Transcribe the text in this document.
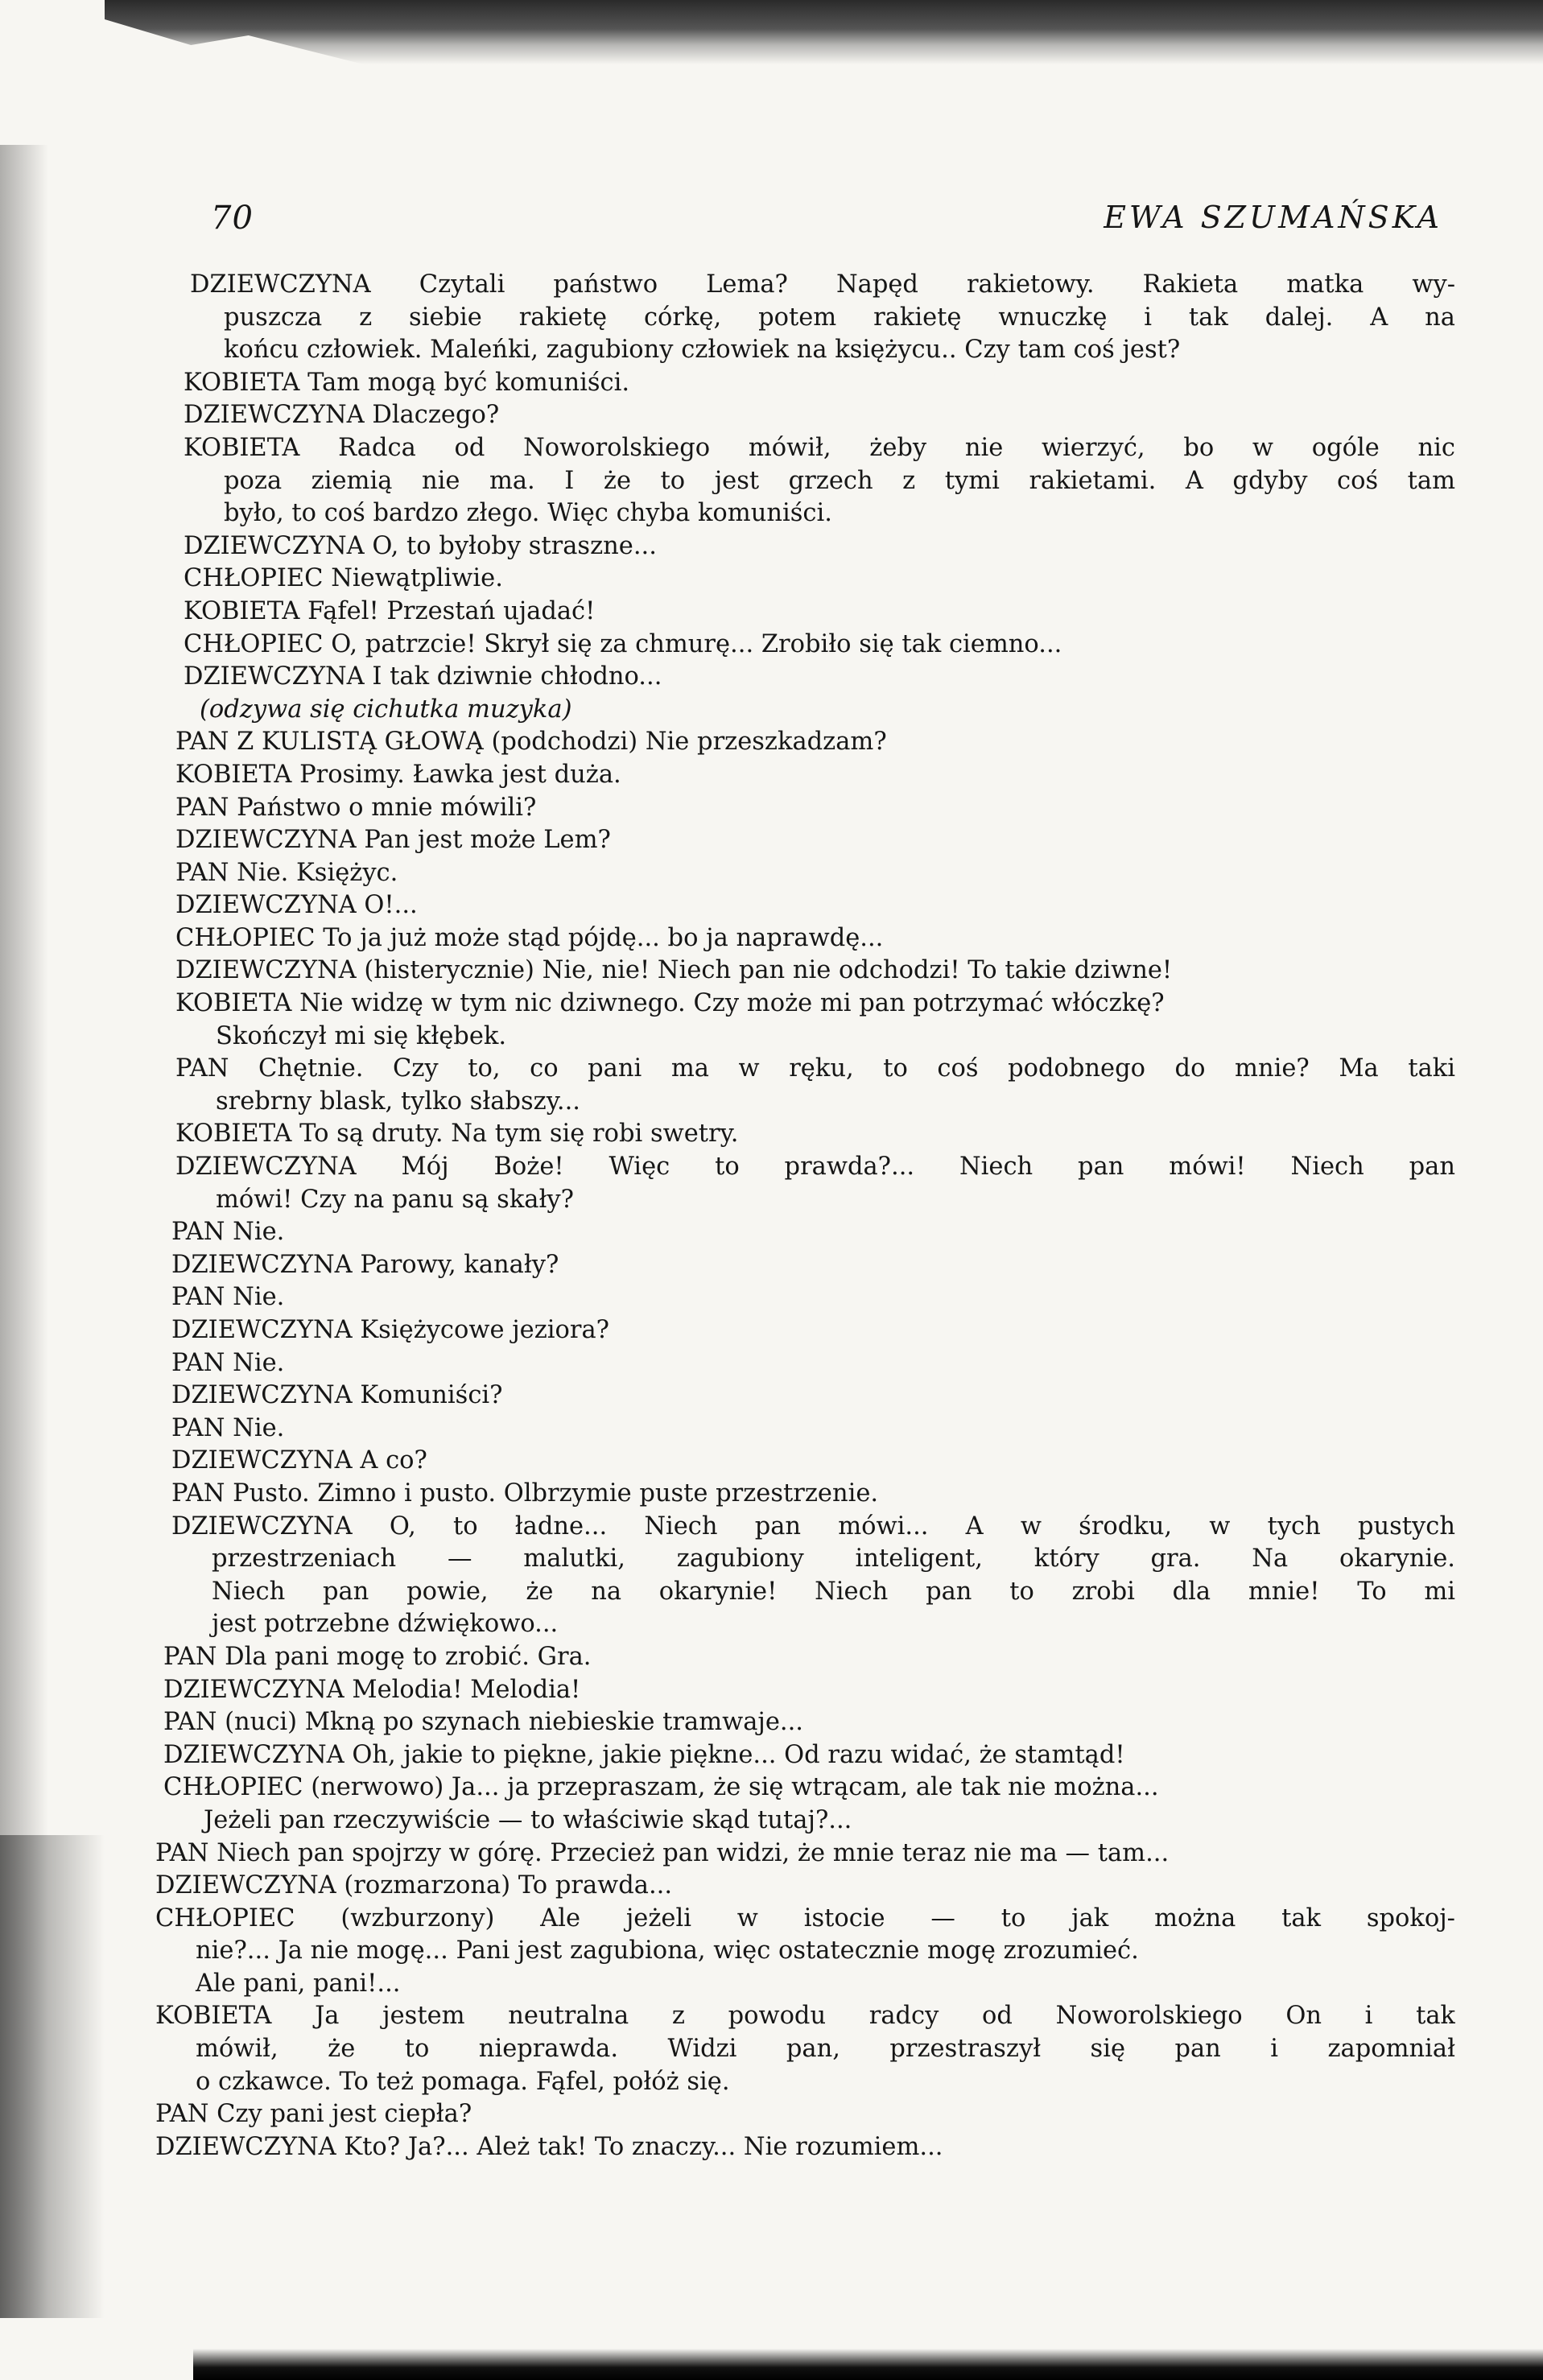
70	EWA SZUMAŃSKA
DZIEWCZYNA Czytali państwo Lema? Napęd rakietowy. Rakieta matka wy-
puszcza z siebie rakietę córkę, potem rakietę wnuczkę i tak dalej. A na
końcu człowiek. Maleńki, zagubiony człowiek na księżycu.. Czy tam coś jest?
KOBIETA Tam mogą być komuniści.
DZIEWCZYNA Dlaczego?
KOBIETA Radca od Noworolskiego mówił, żeby nie wierzyć, bo w ogóle nic
poza ziemią nie ma. I że to jest grzech z tymi rakietami. A gdyby coś tam
było, to coś bardzo złego. Więc chyba komuniści.
DZIEWCZYNA O, to byłoby straszne...
CHŁOPIEC Niewątpliwie.
KOBIETA Fąfel! Przestań ujadać!
CHŁOPIEC O, patrzcie! Skrył się za chmurę... Zrobiło się tak ciemno...
DZIEWCZYNA I tak dziwnie chłodno...
(odzywa się cichutka muzyka)
PAN Z KULISTĄ GŁOWĄ (podchodzi) Nie przeszkadzam?
KOBIETA Prosimy. Ławka jest duża.
PAN Państwo o mnie mówili?
DZIEWCZYNA Pan jest może Lem?
PAN Nie. Księżyc.
DZIEWCZYNA O!...
CHŁOPIEC To ja już może stąd pójdę... bo ja naprawdę...
DZIEWCZYNA (histerycznie) Nie, nie! Niech pan nie odchodzi! To takie dziwne!
KOBIETA Nie widzę w tym nic dziwnego. Czy może mi pan potrzymać włóczkę?
Skończył mi się kłębek.
PAN Chętnie. Czy to, co pani ma w ręku, to coś podobnego do mnie? Ma taki
srebrny blask, tylko słabszy...
KOBIETA To są druty. Na tym się robi swetry.
DZIEWCZYNA Mój Boże! Więc to prawda?... Niech pan mówi! Niech pan
mówi! Czy na panu są skały?
PAN Nie.
DZIEWCZYNA Parowy, kanały?
PAN Nie.
DZIEWCZYNA Księżycowe jeziora?
PAN Nie.
DZIEWCZYNA Komuniści?
PAN Nie.
DZIEWCZYNA A co?
PAN Pusto. Zimno i pusto. Olbrzymie puste przestrzenie.
DZIEWCZYNA O, to ładne... Niech pan mówi... A w środku, w tych pustych
przestrzeniach — malutki, zagubiony inteligent, który gra. Na okarynie.
Niech pan powie, że na okarynie! Niech pan to zrobi dla mnie! To mi
jest potrzebne dźwiękowo...
PAN Dla pani mogę to zrobić. Gra.
DZIEWCZYNA Melodia! Melodia!
PAN (nuci) Mkną po szynach niebieskie tramwaje...
DZIEWCZYNA Oh, jakie to piękne, jakie piękne... Od razu widać, że stamtąd!
CHŁOPIEC (nerwowo) Ja... ja przepraszam, że się wtrącam, ale tak nie można...
Jeżeli pan rzeczywiście — to właściwie skąd tutaj?...
PAN Niech pan spojrzy w górę. Przecież pan widzi, że mnie teraz nie ma — tam...
DZIEWCZYNA (rozmarzona) To prawda...
CHŁOPIEC (wzburzony) Ale jeżeli w istocie — to jak można tak spokoj-
nie?... Ja nie mogę... Pani jest zagubiona, więc ostatecznie mogę zrozumieć.
Ale pani, pani!...
KOBIETA Ja jestem neutralna z powodu radcy od Noworolskiego On i tak
mówił, że to nieprawda. Widzi pan, przestraszył się pan i zapomniał
o czkawce. To też pomaga. Fąfel, połóż się.
PAN Czy pani jest ciepła?
DZIEWCZYNA Kto? Ja?... Ależ tak! To znaczy... Nie rozumiem...
